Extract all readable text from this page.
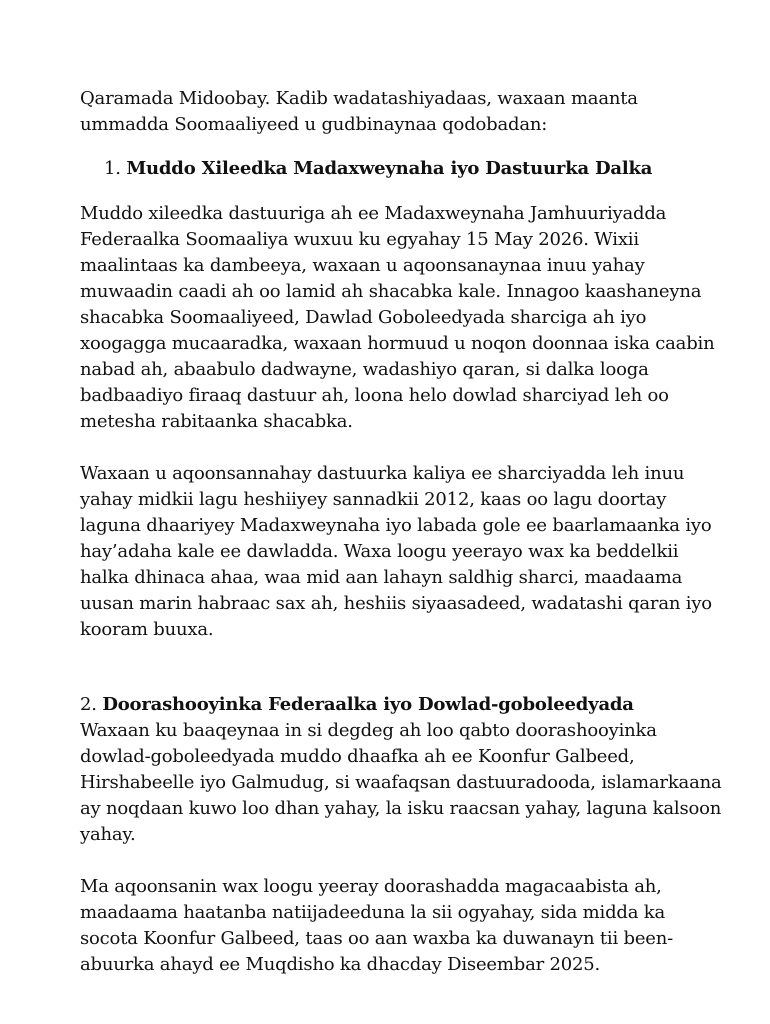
Qaramada Midoobay. Kadib wadatashiyadaas, waxaan maanta ummadda Soomaaliyeed u gudbinaynaa qodobadan:

1. Muddo Xileedka Madaxweynaha iyo Dastuurka Dalka

Muddo xileedka dastuuriga ah ee Madaxweynaha Jamhuuriyadda Federaalka Soomaaliya wuxuu ku egyahay 15 May 2026. Wixii maalintaas ka dambeeya, waxaan u aqoonsanaynaa inuu yahay muwaadin caadi ah oo lamid ah shacabka kale. Innagoo kaashaneyna shacabka Soomaaliyeed, Dawlad Goboleedyada sharciga ah iyo xoogagga mucaaradka, waxaan hormuud u noqon doonnaa iska caabin nabad ah, abaabulo dadwayne, wadashiyo qaran, si dalka looga badbaadiyo firaaq dastuur ah, loona helo dowlad sharciyad leh oo metesha rabitaanka shacabka.

Waxaan u aqoonsannahay dastuurka kaliya ee sharciyadda leh inuu yahay midkii lagu heshiiyey sannadkii 2012, kaas oo lagu doortay laguna dhaariyey Madaxweynaha iyo labada gole ee baarlamaanka iyo hay’adaha kale ee dawladda. Waxa loogu yeerayo wax ka beddelkii halka dhinaca ahaa, waa mid aan lahayn saldhig sharci, maadaama uusan marin habraac sax ah, heshiis siyaasadeed, wadatashi qaran iyo kooram buuxa.

2. Doorashooyinka Federaalka iyo Dowlad-goboleedyada

Waxaan ku baaqeynaa in si degdeg ah loo qabto doorashooyinka dowlad-goboleedyada muddo dhaafka ah ee Koonfur Galbeed, Hirshabeelle iyo Galmudug, si waafaqsan dastuuradooda, islamarkaana ay noqdaan kuwo loo dhan yahay, la isku raacsan yahay, laguna kalsoon yahay.

Ma aqoonsanin wax loogu yeeray doorashadda magacaabista ah, maadaama haatanba natiijadeeduna la sii ogyahay, sida midda ka socota Koonfur Galbeed, taas oo aan waxba ka duwanayn tii been-abuurka ahayd ee Muqdisho ka dhacday Diseembar 2025.
